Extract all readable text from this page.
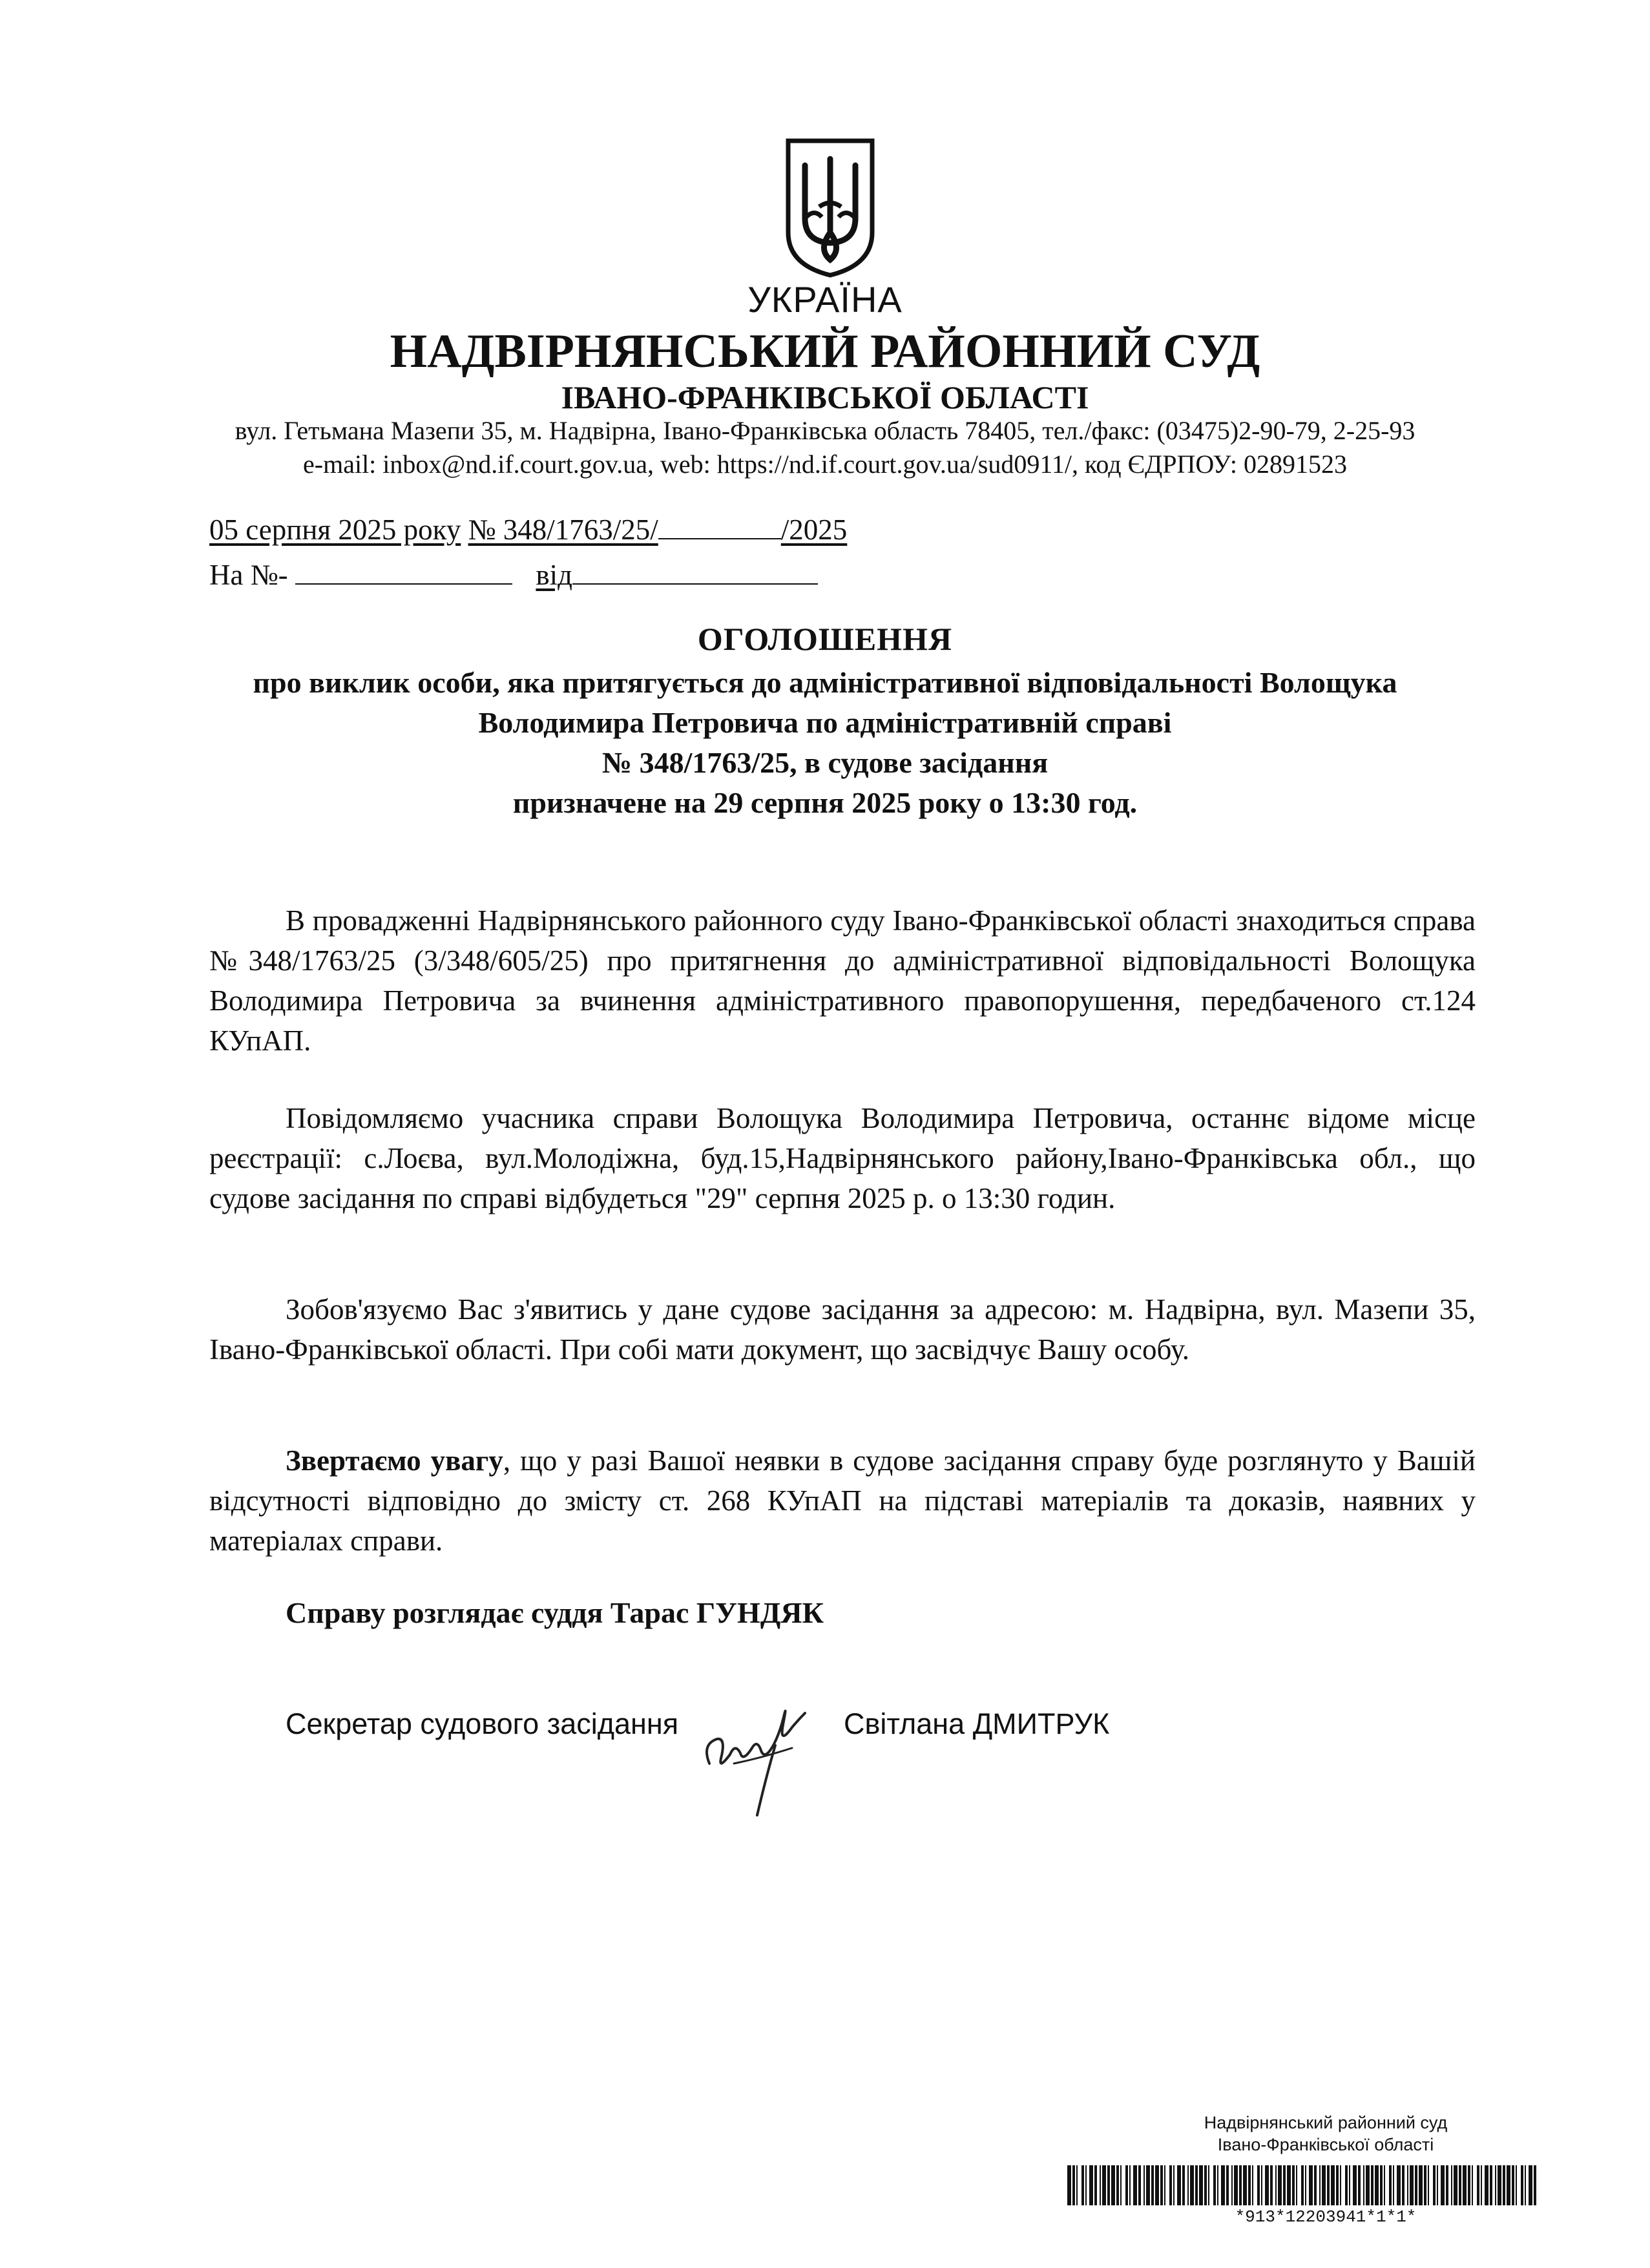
УКРАЇНА
НАДВІРНЯНСЬКИЙ РАЙОННИЙ СУД
ІВАНО-ФРАНКІВСЬКОЇ ОБЛАСТІ
вул. Гетьмана Мазепи 35, м. Надвірна, Івано-Франківська область 78405, тел./факс: (03475)2-90-79, 2-25-93
e-mail: inbox@nd.if.court.gov.ua, web: https://nd.if.court.gov.ua/sud0911/, код ЄДРПОУ: 02891523
05 серпня 2025 року № 348/1763/25/	/2025
На №-	від
ОГОЛОШЕННЯ
про виклик особи, яка притягується до адміністративної відповідальності Волощука
Володимира Петровича по адміністративній справі
№ 348/1763/25, в судове засідання
призначене на 29 серпня 2025 року о 13:30 год.
В провадженні Надвірнянського районного суду Івано-Франківської області знаходиться справа №348/1763/25 (3/348/605/25) про притягнення до адміністративної відповідальності Волощука Володимира Петровича за вчинення адміністративного правопорушення, передбаченого ст.124 КУпАП.
Повідомляємо учасника справи Волощука Володимира Петровича, останнє відоме місце реєстрації: с.Лоєва, вул.Молодіжна, буд.15,Надвірнянського району,Івано-Франківська обл., що судове засідання по справі відбудеться "29" серпня 2025 р. о 13:30 годин.
Зобов'язуємо Вас з'явитись у дане судове засідання за адресою: м. Надвірна, вул. Мазепи 35, Івано-Франківської області. При собі мати документ, що засвідчує Вашу особу.
Звертаємо увагу, що у разі Вашої неявки в судове засідання справу буде розглянуто у Вашій відсутності відповідно до змісту ст. 268 КУпАП на підставі матеріалів та доказів, наявних у матеріалах справи.
Справу розглядає суддя Тарас ГУНДЯК
Секретар судового засідання	Світлана ДМИТРУК
Надвірнянський районний суд
Івано-Франківської області
*913*12203941*1*1*
